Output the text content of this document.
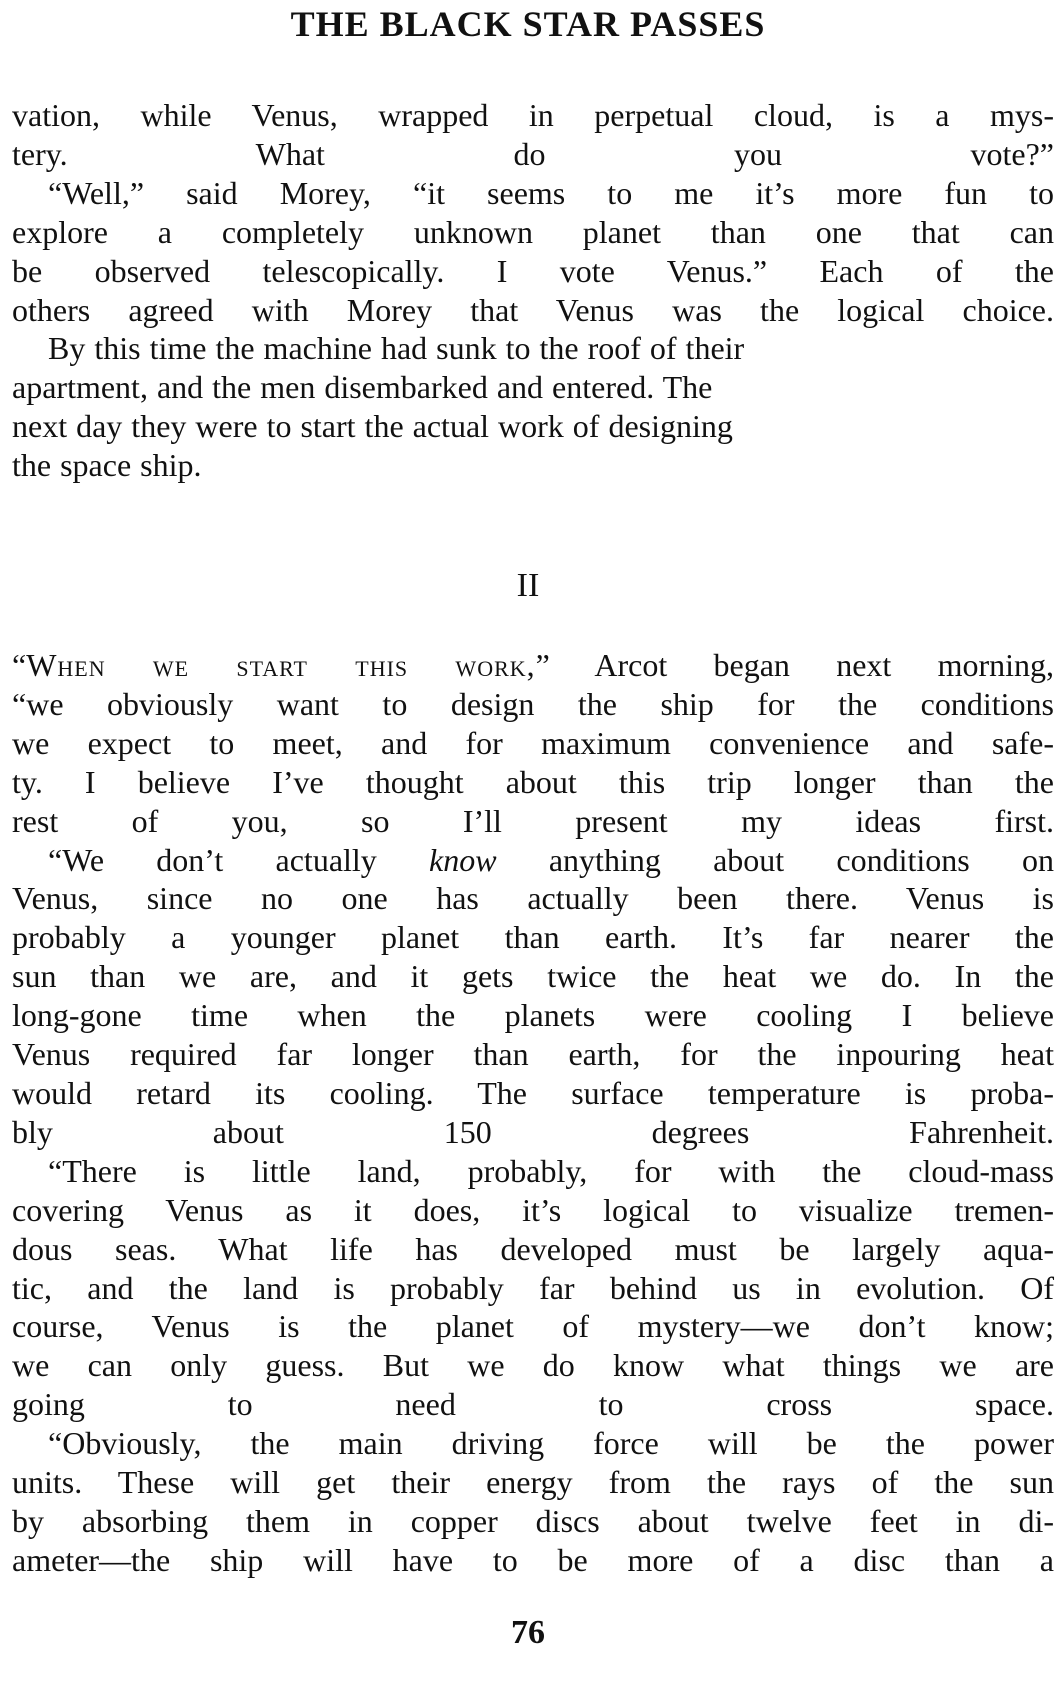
THE BLACK STAR PASSES

vation, while Venus, wrapped in perpetual cloud, is a mys-
tery. What do you vote?”

“Well,” said Morey, “it seems to me it’s more fun to
explore a completely unknown planet than one that can
be observed telescopically. I vote Venus.” Each of the
others agreed with Morey that Venus was the logical choice.

By this time the machine had sunk to the roof of their
apartment, and the men disembarked and entered. The
next day they were to start the actual work of designing
the space ship.

II

“When we start this work,” Arcot began next morning,
“we obviously want to design the ship for the conditions
we expect to meet, and for maximum convenience and safe-
ty. I believe I’ve thought about this trip longer than the
rest of you, so I’ll present my ideas first.

“We don’t actually know anything about conditions on
Venus, since no one has actually been there. Venus is
probably a younger planet than earth. It’s far nearer the
sun than we are, and it gets twice the heat we do. In the
long-gone time when the planets were cooling I believe
Venus required far longer than earth, for the inpouring heat
would retard its cooling. The surface temperature is proba-
bly about 150 degrees Fahrenheit.

“There is little land, probably, for with the cloud-mass
covering Venus as it does, it’s logical to visualize tremen-
dous seas. What life has developed must be largely aqua-
tic, and the land is probably far behind us in evolution. Of
course, Venus is the planet of mystery—we don’t know;
we can only guess. But we do know what things we are
going to need to cross space.

“Obviously, the main driving force will be the power
units. These will get their energy from the rays of the sun
by absorbing them in copper discs about twelve feet in di-
ameter—the ship will have to be more of a disc than a

76
